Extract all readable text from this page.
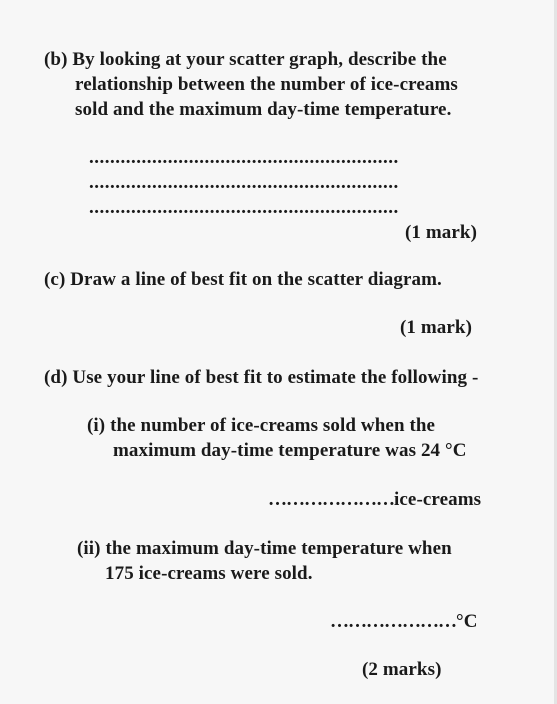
(b) By looking at your scatter graph, describe the
relationship between the number of ice-creams
sold and the maximum day-time temperature.
...........................................................
...........................................................
...........................................................
(1 mark)
(c) Draw a line of best fit on the scatter diagram.
(1 mark)
(d) Use your line of best fit to estimate the following -
(i) the number of ice-creams sold when the
maximum day-time temperature was 24 °C
…………………ice-creams
(ii) the maximum day-time temperature when
175 ice-creams were sold.
…………………°C
(2 marks)
